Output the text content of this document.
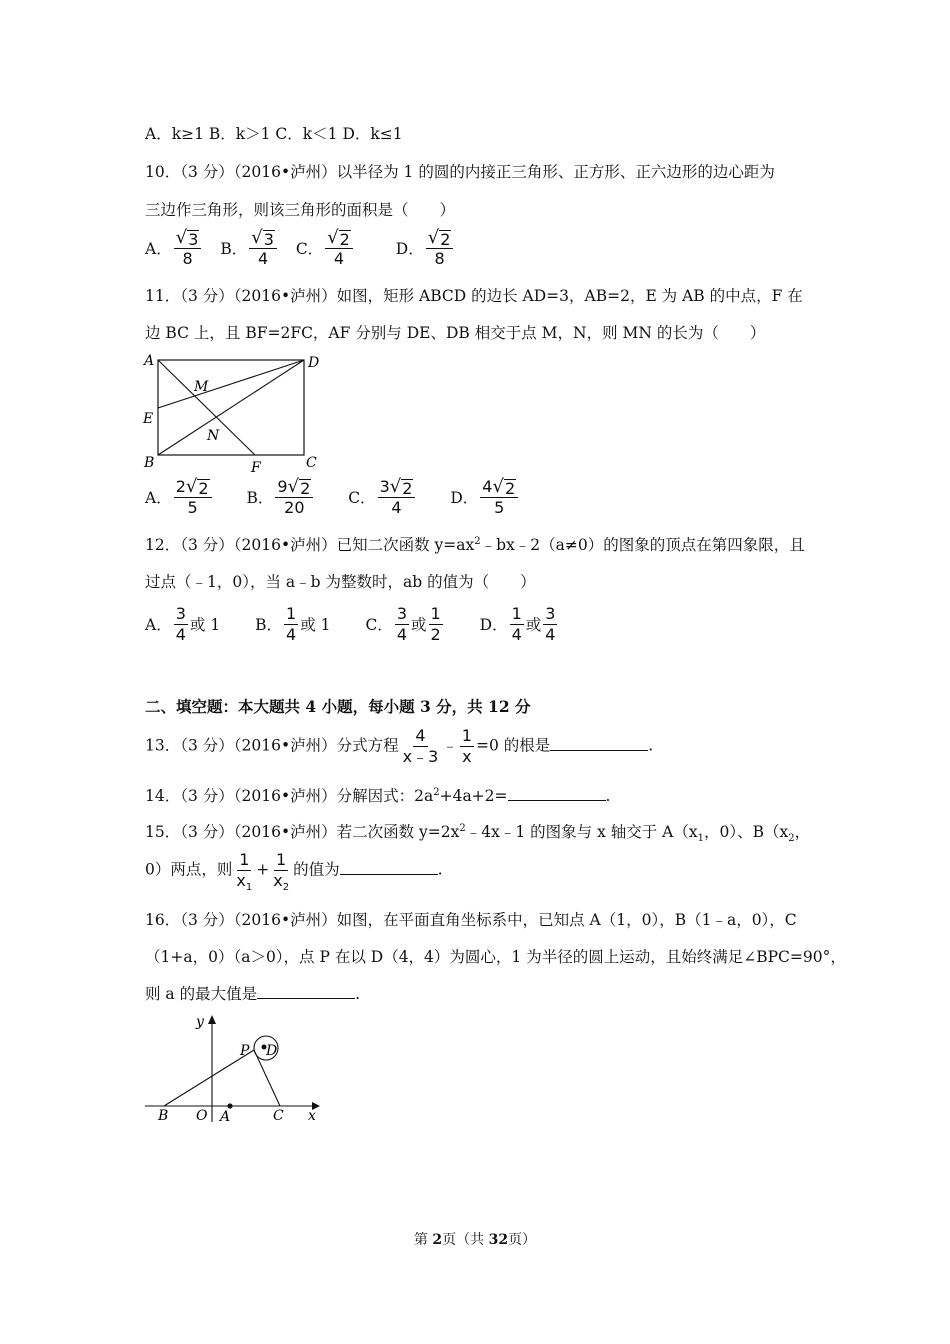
A．k≥1 B．k＞1 C．k＜1 D．k≤1
10．（3 分）（2016•泸州）以半径为 1 的圆的内接正三角形、正方形、正六边形的边心距为
三边作三角形，则该三角形的面积是（　　）
A． $\frac{√ 3}{8}$
B． $\frac{√ 3}{4}$
C． $\frac{√ 2}{4}$
	D． $\frac{√ 2}{8}$
11．（3 分）（2016•泸州）如图，矩形 ABCD 的边长 AD=3，AB=2，E 为 AB 的中点，F 在
边 BC 上，且 BF=2FC，AF 分别与 DE、DB 相交于点 M，N，则 MN 的长为（　　）
A	D
E
B	C
F
M
N
A． $\frac{2 √ 2}{5}$
B． $\frac{9 √ 2}{20}$
C． $\frac{3 √ 2}{4}$
D． $\frac{4 √ 2}{5}$
12．（3 分）（2016•泸州）已知二次函数 $y=ax^2﹣bx﹣2(a\ne 0)$的图象的顶点在第四象限，且
过点（﹣1，0），当 a﹣b 为整数时，ab 的值为（　　）
A． $\frac{3}{4}$ 或 1
B． $\frac{1}{4}$ 或 1
C． $\frac{3}{4}$ 或 $\frac{1}{2}$
D． $\frac{1}{4}$ 或 $\frac{3}{4}$
二、填空题：本大题共 4 小题，每小题 3 分，共 12 分
13．（3 分）（2016•泸州）分式方程 $\frac{4}{x﹣3}$ ﹣ $\frac{1}{x} =0$ 的根是	.
14．（3 分）（2016•泸州）分解因式：$2a^2+4a+2=$	.
15．（3 分）（2016•泸州）若二次函数 $y=2x^2﹣4x﹣1$ 的图象与 x 轴交于 $A(x_1$，0）、$B(x_2$，
0）两点，则 $\frac{1}{x_1} + \frac{1}{x_2}$ 的值为	.
16．（3 分）（2016•泸州）如图，在平面直角坐标系中，已知点 A（1，0），B（1﹣a，0），C
（1+a，0）（a＞0），点 P 在以 D（4，4）为圆心，1 为半径的圆上运动，且始终满足∠BPC=90°，
则 a 的最大值是	.
y
x
B O A	C
P D
第 2页（共 32页）
